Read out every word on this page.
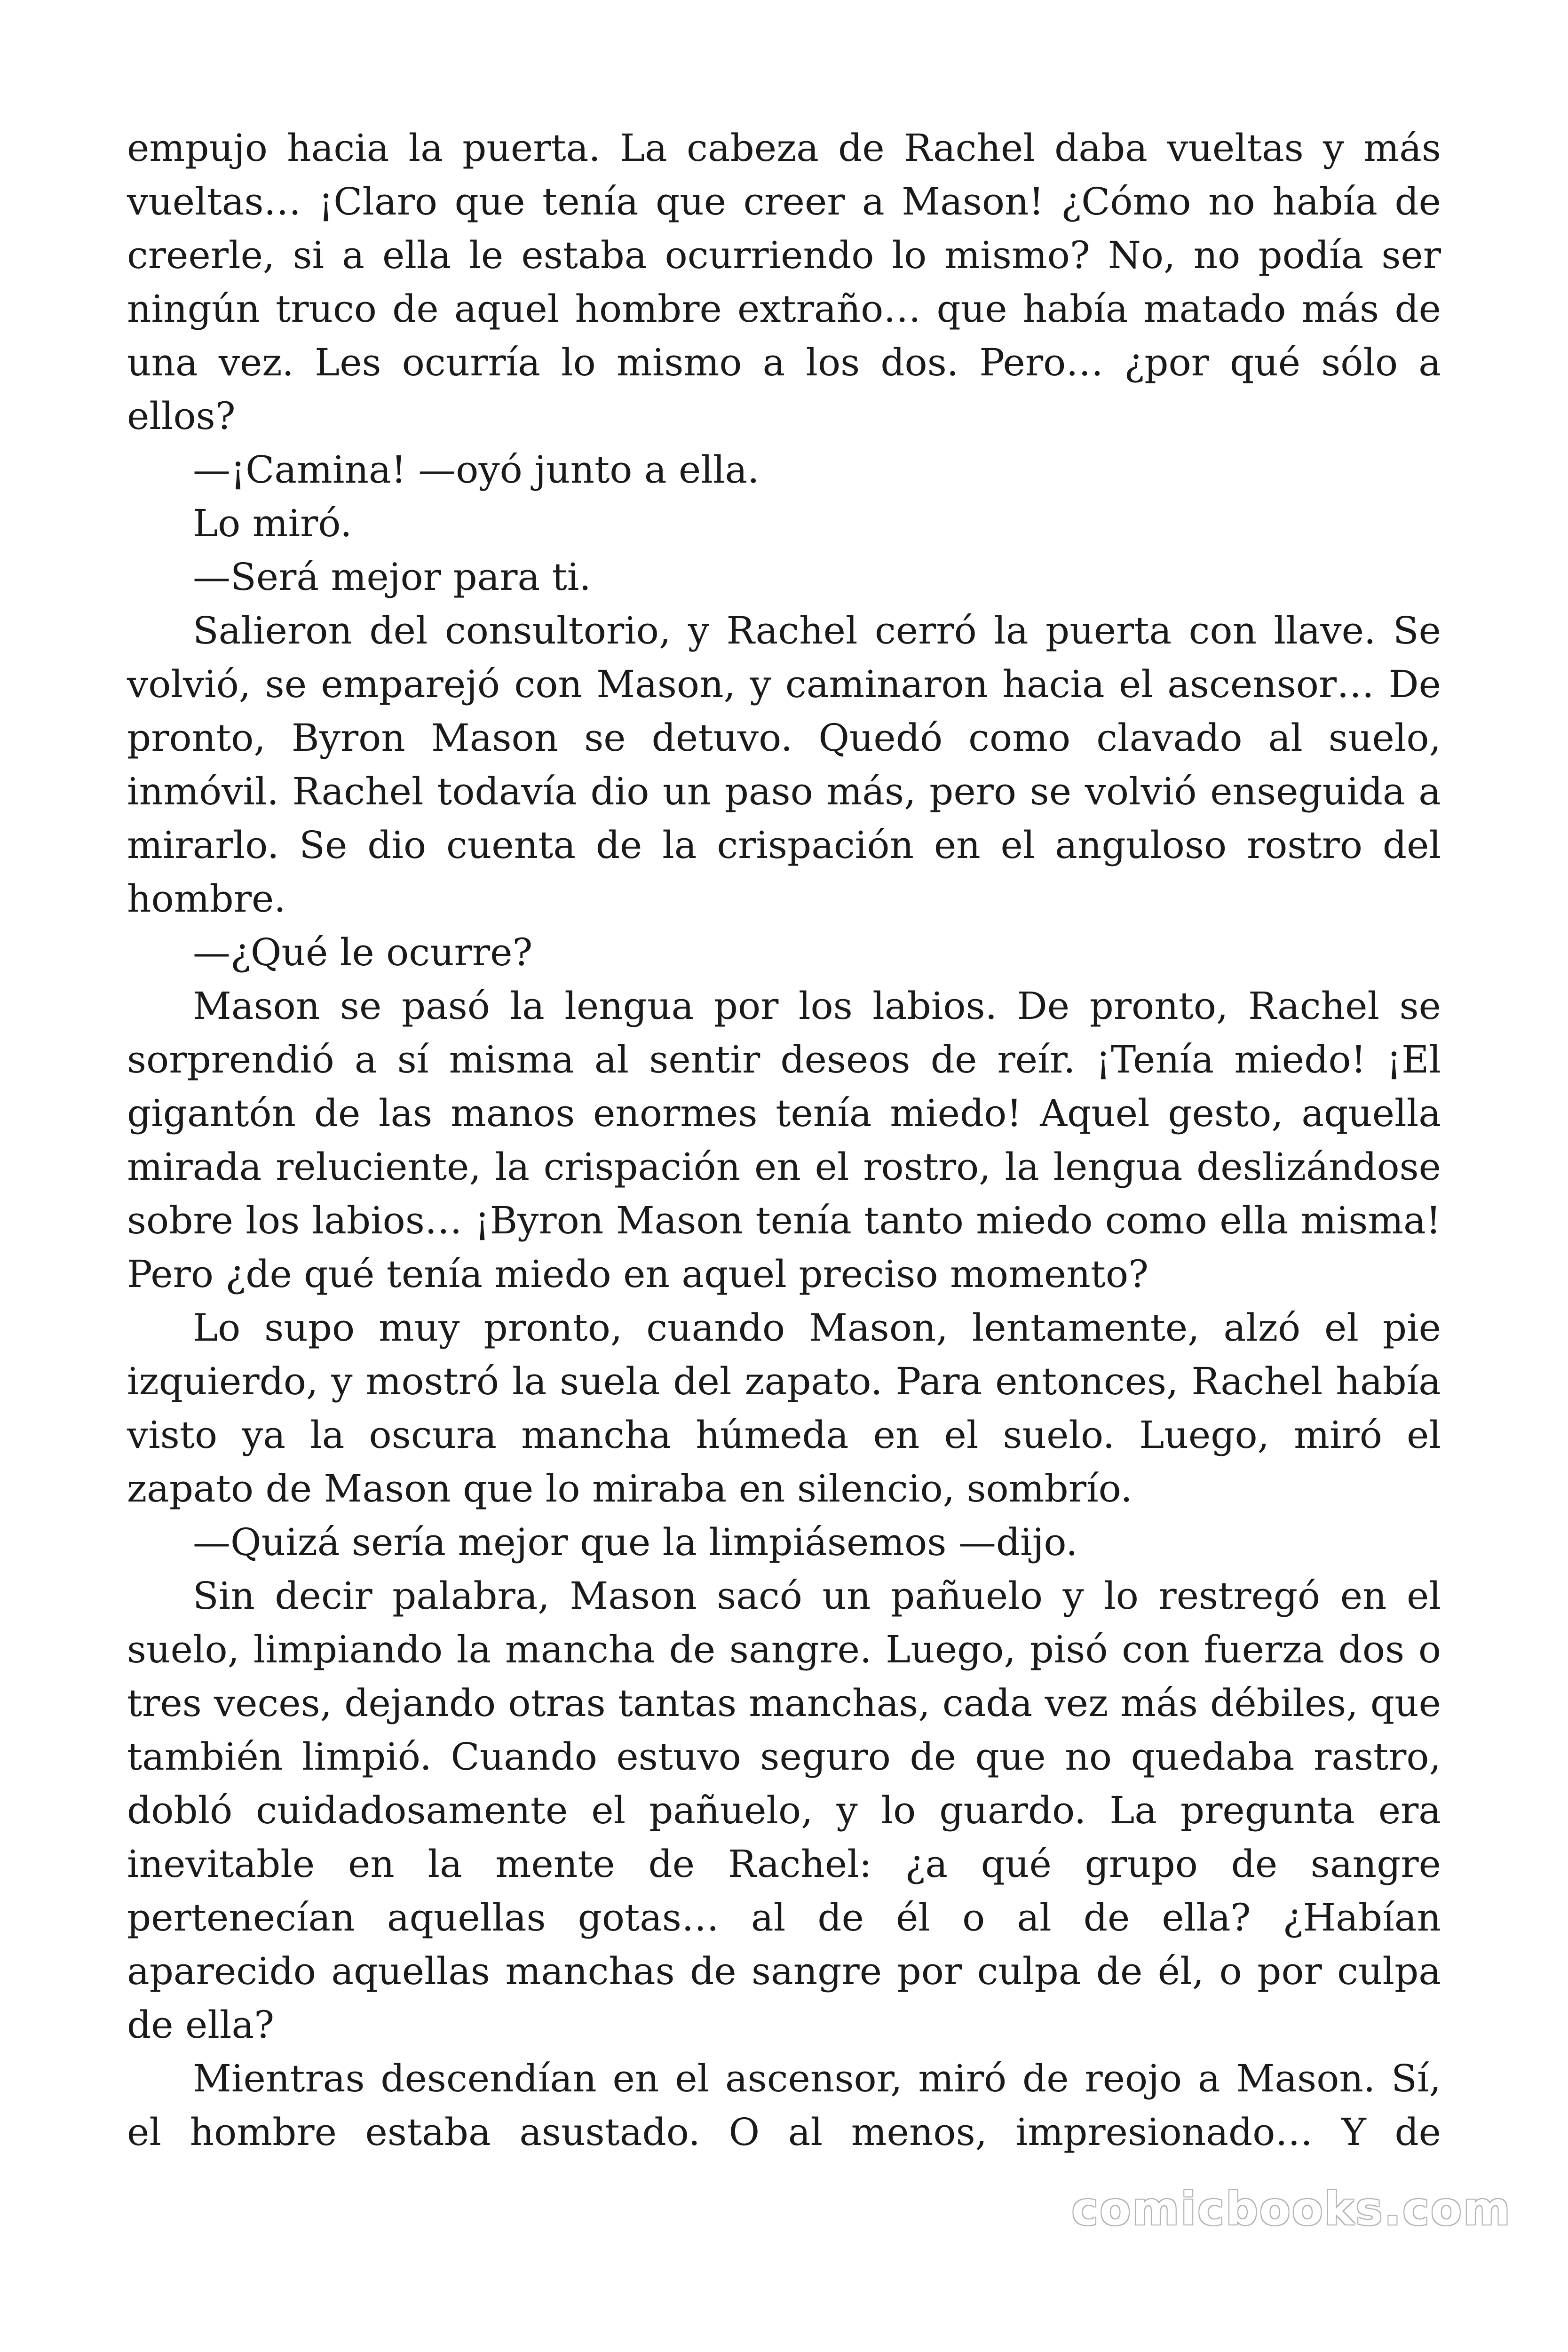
empujo hacia la puerta. La cabeza de Rachel daba vueltas y más vueltas… ¡Claro que tenía que creer a Mason! ¿Cómo no había de creerle, si a ella le estaba ocurriendo lo mismo? No, no podía ser ningún truco de aquel hombre extraño… que había matado más de una vez. Les ocurría lo mismo a los dos. Pero… ¿por qué sólo a ellos?

—¡Camina! —oyó junto a ella.

Lo miró.

—Será mejor para ti.

Salieron del consultorio, y Rachel cerró la puerta con llave. Se volvió, se emparejó con Mason, y caminaron hacia el ascensor… De pronto, Byron Mason se detuvo. Quedó como clavado al suelo, inmóvil. Rachel todavía dio un paso más, pero se volvió enseguida a mirarlo. Se dio cuenta de la crispación en el anguloso rostro del hombre.

—¿Qué le ocurre?

Mason se pasó la lengua por los labios. De pronto, Rachel se sorprendió a sí misma al sentir deseos de reír. ¡Tenía miedo! ¡El gigantón de las manos enormes tenía miedo! Aquel gesto, aquella mirada reluciente, la crispación en el rostro, la lengua deslizándose sobre los labios… ¡Byron Mason tenía tanto miedo como ella misma! Pero ¿de qué tenía miedo en aquel preciso momento?

Lo supo muy pronto, cuando Mason, lentamente, alzó el pie izquierdo, y mostró la suela del zapato. Para entonces, Rachel había visto ya la oscura mancha húmeda en el suelo. Luego, miró el zapato de Mason que lo miraba en silencio, sombrío.

—Quizá sería mejor que la limpiásemos —dijo.

Sin decir palabra, Mason sacó un pañuelo y lo restregó en el suelo, limpiando la mancha de sangre. Luego, pisó con fuerza dos o tres veces, dejando otras tantas manchas, cada vez más débiles, que también limpió. Cuando estuvo seguro de que no quedaba rastro, dobló cuidadosamente el pañuelo, y lo guardo. La pregunta era inevitable en la mente de Rachel: ¿a qué grupo de sangre pertenecían aquellas gotas… al de él o al de ella? ¿Habían aparecido aquellas manchas de sangre por culpa de él, o por culpa de ella?

Mientras descendían en el ascensor, miró de reojo a Mason. Sí, el hombre estaba asustado. O al menos, impresionado… Y de

comicbooks.com
